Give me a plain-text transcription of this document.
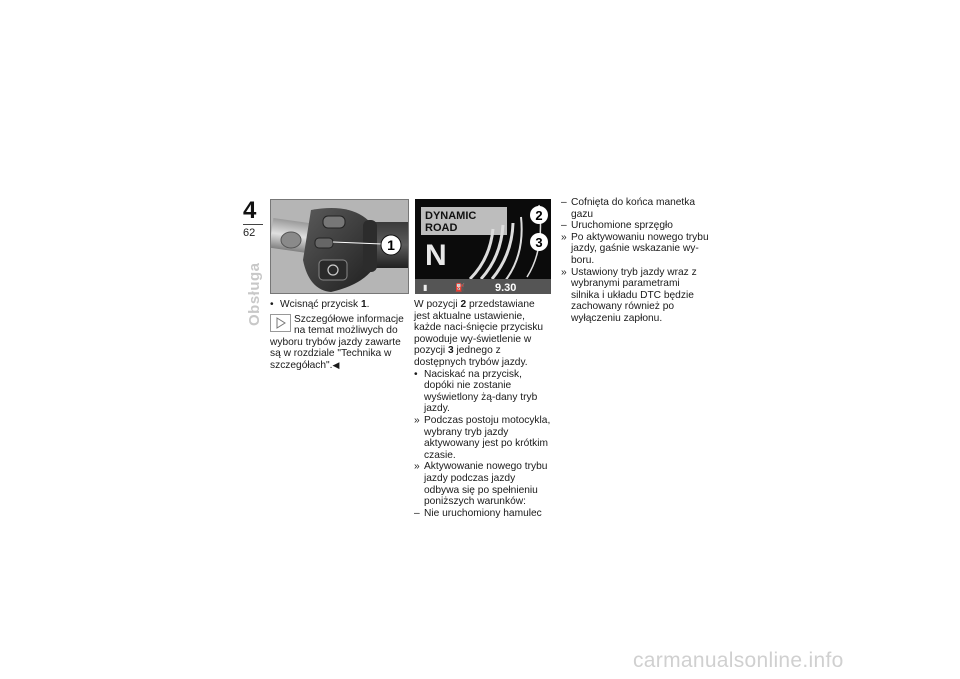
4
62
Obsługa
1
DYNAMIC
ROAD
N
▮	⛽	9.30
2
3

• Wcisnąć przycisk 1.

Szczegółowe informacje

na temat możliwych do

wyboru trybów jazdy zawarte są w rozdziale "Technika w szczegółach".◀

W pozycji 2 przedstawiane jest aktualne ustawienie, każde naci-śnięcie przycisku powoduje wy-świetlenie w pozycji 3 jednego z dostępnych trybów jazdy.

• Naciskać na przycisk, dopóki nie zostanie wyświetlony żą-dany tryb jazdy.

» Podczas postoju motocykla, wybrany tryb jazdy aktywowany jest po krótkim czasie.

» Aktywowanie nowego trybu jazdy podczas jazdy odbywa się po spełnieniu poniższych warunków:

– Nie uruchomiony hamulec

– Cofnięta do końca manetka gazu

– Uruchomione sprzęgło

» Po aktywowaniu nowego trybu jazdy, gaśnie wskazanie wy-boru.

» Ustawiony tryb jazdy wraz z wybranymi parametrami silnika i układu DTC będzie zachowany również po wyłączeniu zapłonu.

carmanualsonline.info
